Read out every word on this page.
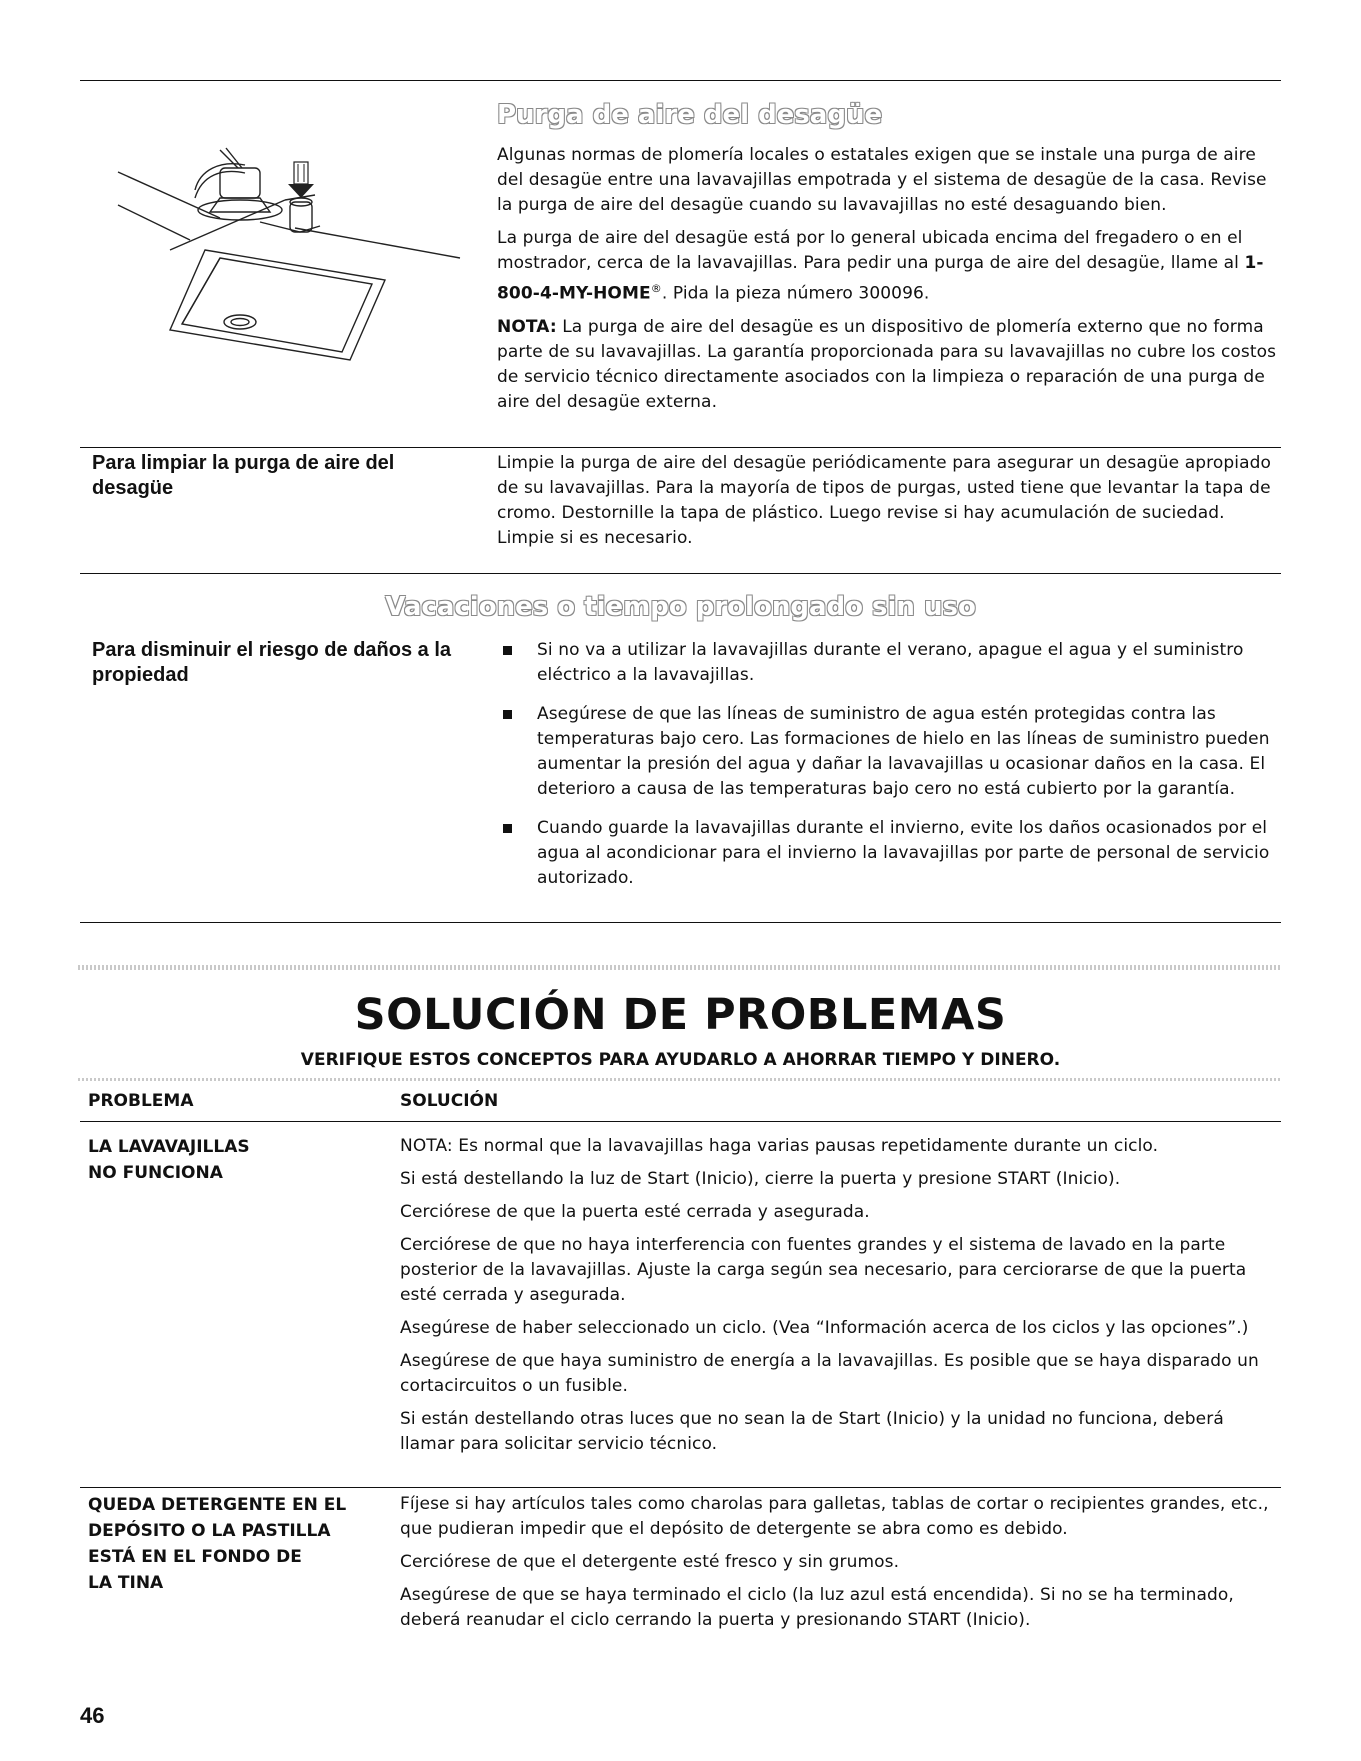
Purga de aire del desagüe

Algunas normas de plomería locales o estatales exigen que se instale una purga de aire del desagüe entre una lavavajillas empotrada y el sistema de desagüe de la casa. Revise la purga de aire del desagüe cuando su lavavajillas no esté desaguando bien.

La purga de aire del desagüe está por lo general ubicada encima del fregadero o en el mostrador, cerca de la lavavajillas. Para pedir una purga de aire del desagüe, llame al 1-800-4-MY-HOME®. Pida la pieza número 300096.

NOTA: La purga de aire del desagüe es un dispositivo de plomería externo que no forma parte de su lavavajillas. La garantía proporcionada para su lavavajillas no cubre los costos de servicio técnico directamente asociados con la limpieza o reparación de una purga de aire del desagüe externa.

Para limpiar la purga de aire del desagüe
Limpie la purga de aire del desagüe periódicamente para asegurar un desagüe apropiado de su lavavajillas. Para la mayoría de tipos de purgas, usted tiene que levantar la tapa de cromo. Destornille la tapa de plástico. Luego revise si hay acumulación de suciedad. Limpie si es necesario.
Vacaciones o tiempo prolongado sin uso
Para disminuir el riesgo de daños a la propiedad
Si no va a utilizar la lavavajillas durante el verano, apague el agua y el suministro eléctrico a la lavavajillas.
Asegúrese de que las líneas de suministro de agua estén protegidas contra las temperaturas bajo cero. Las formaciones de hielo en las líneas de suministro pueden aumentar la presión del agua y dañar la lavavajillas u ocasionar daños en la casa. El deterioro a causa de las temperaturas bajo cero no está cubierto por la garantía.
Cuando guarde la lavavajillas durante el invierno, evite los daños ocasionados por el agua al acondicionar para el invierno la lavavajillas por parte de personal de servicio autorizado.
SOLUCIÓN DE PROBLEMAS
VERIFIQUE ESTOS CONCEPTOS PARA AYUDARLO A AHORRAR TIEMPO Y DINERO.
PROBLEMA	SOLUCIÓN
LA LAVAVAJILLAS
NO FUNCIONA

NOTA: Es normal que la lavavajillas haga varias pausas repetidamente durante un ciclo.

Si está destellando la luz de Start (Inicio), cierre la puerta y presione START (Inicio).

Cerciórese de que la puerta esté cerrada y asegurada.

Cerciórese de que no haya interferencia con fuentes grandes y el sistema de lavado en la parte posterior de la lavavajillas. Ajuste la carga según sea necesario, para cerciorarse de que la puerta esté cerrada y asegurada.

Asegúrese de haber seleccionado un ciclo. (Vea “Información acerca de los ciclos y las opciones”.)

Asegúrese de que haya suministro de energía a la lavavajillas. Es posible que se haya disparado un cortacircuitos o un fusible.

Si están destellando otras luces que no sean la de Start (Inicio) y la unidad no funciona, deberá llamar para solicitar servicio técnico.

QUEDA DETERGENTE EN EL
DEPÓSITO O LA PASTILLA
ESTÁ EN EL FONDO DE
LA TINA

Fíjese si hay artículos tales como charolas para galletas, tablas de cortar o recipientes grandes, etc., que pudieran impedir que el depósito de detergente se abra como es debido.

Cerciórese de que el detergente esté fresco y sin grumos.

Asegúrese de que se haya terminado el ciclo (la luz azul está encendida). Si no se ha terminado, deberá reanudar el ciclo cerrando la puerta y presionando START (Inicio).

46
